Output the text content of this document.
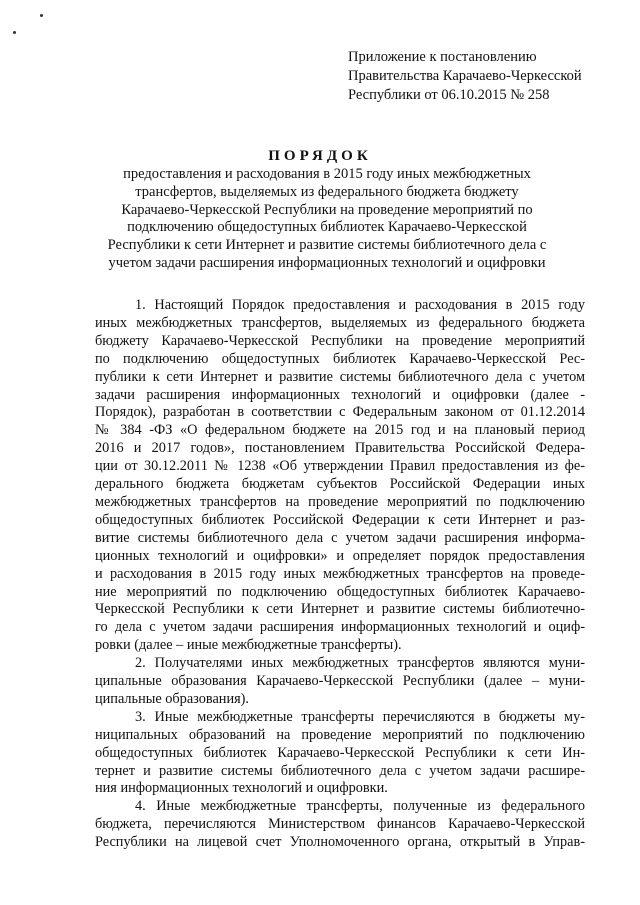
Приложение к постановлению
Правительства Карачаево-Черкесской
Республики от 06.10.2015 № 258
ПОРЯДОК
предоставления и расходования в 2015 году иных межбюджетных
трансфертов, выделяемых из федерального бюджета бюджету
Карачаево-Черкесской Республики на проведение мероприятий по
подключению общедоступных библиотек Карачаево-Черкесской
Республики к сети Интернет и развитие системы библиотечного дела с
учетом задачи расширения информационных технологий и оцифровки
1. Настоящий Порядок предоставления и расходования в 2015 году
иных межбюджетных трансфертов, выделяемых из федерального бюджета
бюджету Карачаево-Черкесской Республики на проведение мероприятий
по подключению общедоступных библиотек Карачаево-Черкесской Рес-
публики к сети Интернет и развитие системы библиотечного дела с учетом
задачи расширения информационных технологий и оцифровки (далее -
Порядок), разработан в соответствии с Федеральным законом от 01.12.2014
№ 384 -ФЗ «О федеральном бюджете на 2015 год и на плановый период
2016 и 2017 годов», постановлением Правительства Российской Федера-
ции от 30.12.2011 № 1238 «Об утверждении Правил предоставления из фе-
дерального бюджета бюджетам субъектов Российской Федерации иных
межбюджетных трансфертов на проведение мероприятий по подключению
общедоступных библиотек Российской Федерации к сети Интернет и раз-
витие системы библиотечного дела с учетом задачи расширения информа-
ционных технологий и оцифровки» и определяет порядок предоставления
и расходования в 2015 году иных межбюджетных трансфертов на проведе-
ние мероприятий по подключению общедоступных библиотек Карачаево-
Черкесской Республики к сети Интернет и развитие системы библиотечно-
го дела с учетом задачи расширения информационных технологий и оциф-
ровки (далее – иные межбюджетные трансферты).
2. Получателями иных межбюджетных трансфертов являются муни-
ципальные образования Карачаево-Черкесской Республики (далее – муни-
ципальные образования).
3. Иные межбюджетные трансферты перечисляются в бюджеты му-
ниципальных образований на проведение мероприятий по подключению
общедоступных библиотек Карачаево-Черкесской Республики к сети Ин-
тернет и развитие системы библиотечного дела с учетом задачи расшире-
ния информационных технологий и оцифровки.
4. Иные межбюджетные трансферты, полученные из федерального
бюджета, перечисляются Министерством финансов Карачаево-Черкесской
Республики на лицевой счет Уполномоченного органа, открытый в Управ-
